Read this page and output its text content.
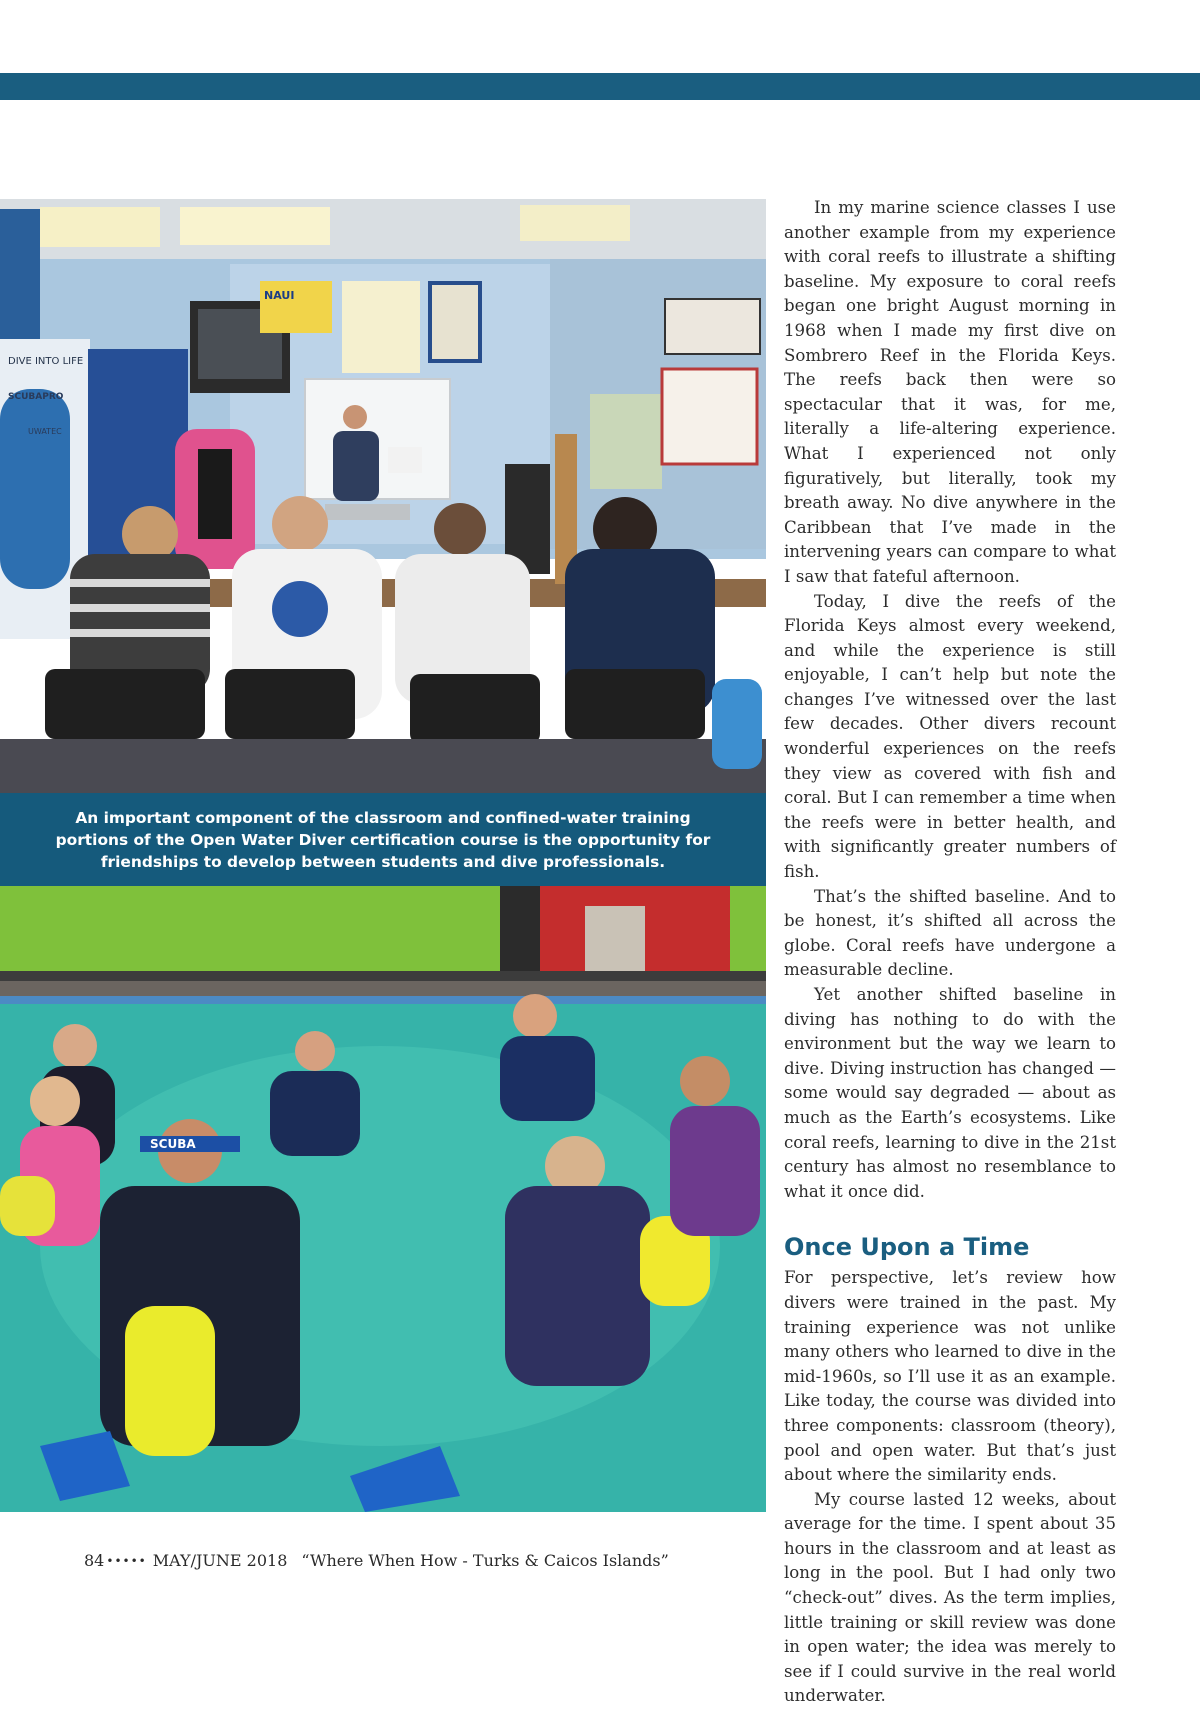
DIVE INTO LIFE
SCUBAPRO
UWATEC
NAUI

An important component of the classroom and confined-water training portions of the Open Water Diver certification course is the opportunity for friendships to develop between students and dive professionals.

SCUBA

In my marine science classes I use another example from my experience with coral reefs to illustrate a shifting baseline. My exposure to coral reefs began one bright August morning in 1968 when I made my first dive on Sombrero Reef in the Florida Keys. The reefs back then were so spectacular that it was, for me, literally a life-altering experience. What I experienced not only figuratively, but literally, took my breath away. No dive anywhere in the Caribbean that I’ve made in the intervening years can compare to what I saw that fateful afternoon.

Today, I dive the reefs of the Florida Keys almost every weekend, and while the experience is still enjoyable, I can’t help but note the changes I’ve witnessed over the last few decades. Other divers recount wonderful experiences on the reefs they view as covered with fish and coral. But I can remember a time when the reefs were in better health, and with significantly greater numbers of fish.

That’s the shifted baseline. And to be honest, it’s shifted all across the globe. Coral reefs have undergone a measurable decline.

Yet another shifted baseline in diving has nothing to do with the environment but the way we learn to dive. Diving instruction has changed — some would say degraded — about as much as the Earth’s ecosystems. Like coral reefs, learning to dive in the 21st century has almost no resemblance to what it once did.

Once Upon a Time

For perspective, let’s review how divers were trained in the past. My training experience was not unlike many others who learned to dive in the mid-1960s, so I’ll use it as an example. Like today, the course was divided into three components: classroom (theory), pool and open water. But that’s just about where the similarity ends.

My course lasted 12 weeks, about average for the time. I spent about 35 hours in the classroom and at least as long in the pool. But I had only two “check-out” dives. As the term implies, little training or skill review was done in open water; the idea was merely to see if I could survive in the real world underwater.

84 ••••• MAY/JUNE 2018 “Where When How - Turks & Caicos Islands”
